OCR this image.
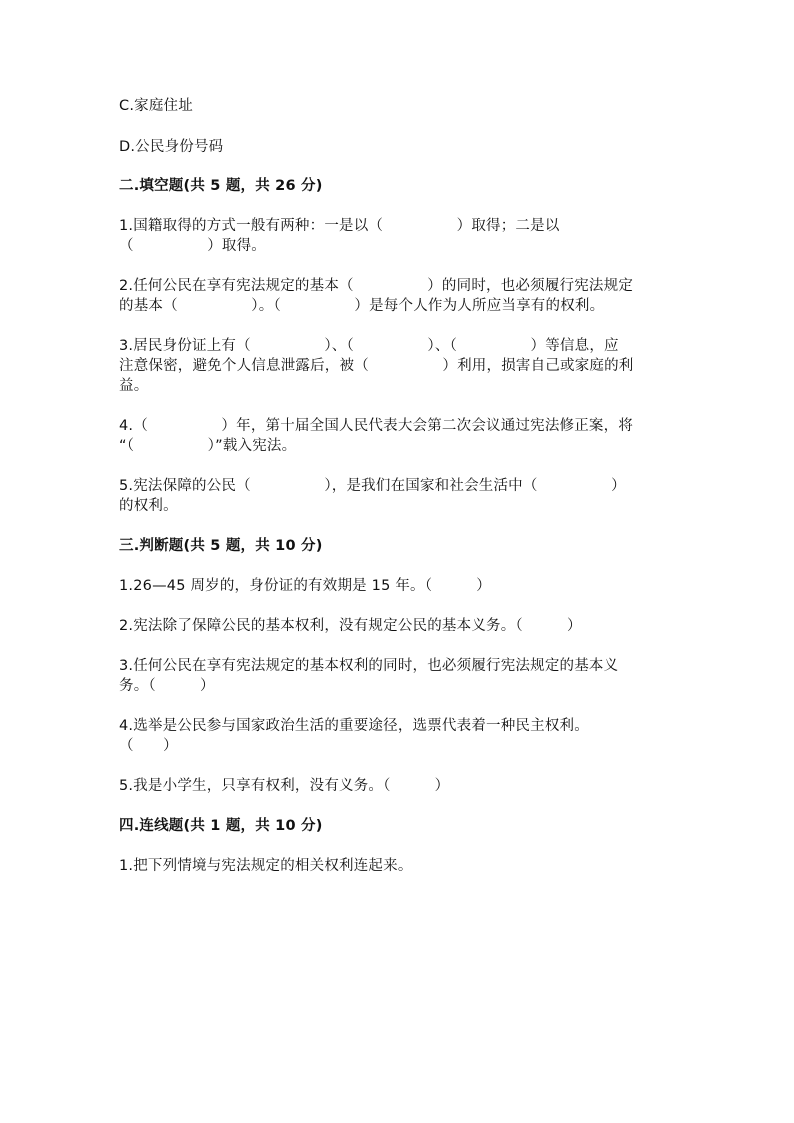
C.家庭住址
D.公民身份号码
二.填空题(共 5 题，共 26 分)
1.国籍取得的方式一般有两种：一是以（　　　　　）取得；二是以
（　　　　　）取得。
2.任何公民在享有宪法规定的基本（　　　　　）的同时，也必须履行宪法规定
的基本（　　　　　）。（　　　　　）是每个人作为人所应当享有的权利。
3.居民身份证上有（　　　　　）、（　　　　　）、（　　　　　）等信息，应
注意保密，避免个人信息泄露后，被（　　　　　）利用，损害自己或家庭的利
益。
4.（　　　　　）年，第十届全国人民代表大会第二次会议通过宪法修正案，将
“（　　　　　）”载入宪法。
5.宪法保障的公民（　　　　　），是我们在国家和社会生活中（　　　　　）
的权利。
三.判断题(共 5 题，共 10 分)
1.26—45 周岁的，身份证的有效期是 15 年。（　　　）
2.宪法除了保障公民的基本权利，没有规定公民的基本义务。（　　　）
3.任何公民在享有宪法规定的基本权利的同时，也必须履行宪法规定的基本义
务。（　　　）
4.选举是公民参与国家政治生活的重要途径，选票代表着一种民主权利。
（　　）
5.我是小学生，只享有权利，没有义务。（　　　）
四.连线题(共 1 题，共 10 分)
1.把下列情境与宪法规定的相关权利连起来。
